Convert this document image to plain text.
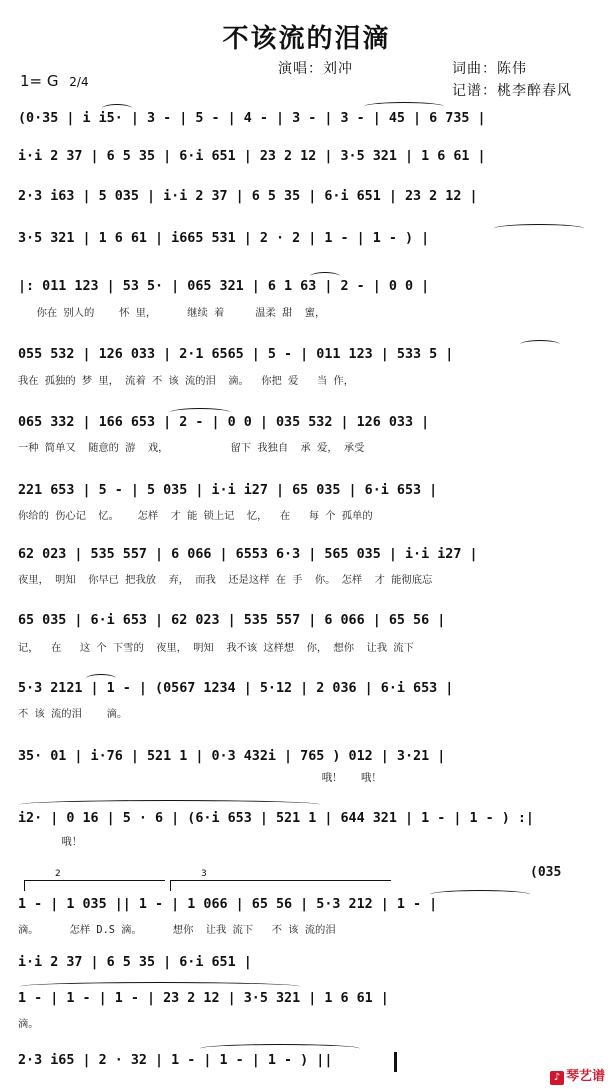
不该流的泪滴
1= G 2/4
演唱：刘冲	词曲：陈伟
记谱：桃李醉春风
(0·35 | i i5· | 3 - | 5 - | 4 - | 3 - | 3 - | 45 | 6 735 |
i·i 2 37 | 6 5 35 | 6·i 651 | 23 2 12 | 3·5 321 | 1 6 61 |
2·3 i63 | 5 035 | i·i 2 37 | 6 5 35 | 6·i 651 | 23 2 12 |
3·5 321 | 1 6 61 | i665 531 | 2 · 2 | 1 - | 1 - ) |
|: 011 123 | 53 5· | 065 321 | 6 1 63 | 2 - | 0 0 |
你在 别人的    怀 里，     继续 着     温柔 甜  蜜，
055 532 | 126 033 | 2·1 6565 | 5 - | 011 123 | 533 5 |
我在 孤独的 梦 里， 流着 不 该 流的泪  滴。  你把 爱   当 作，
065 332 | 166 653 | 2 - | 0 0 | 035 532 | 126 033 |
一种 简单又  随意的 游  戏，          留下 我独自  承 爱， 承受
221 653 | 5 - | 5 035 | i·i i27 | 65 035 | 6·i 653 |
你给的 伤心记  忆。   怎样  才 能 锁上记  忆，  在   每 个 孤单的
62 023 | 535 557 | 6 066 | 6553 6·3 | 565 035 | i·i i27 |
夜里， 明知  你早已 把我放  弃， 而我  还是这样 在 手  你。 怎样  才 能彻底忘
65 035 | 6·i 653 | 62 023 | 535 557 | 6 066 | 65 56 |
记，  在   这 个 下雪的  夜里， 明知  我不该 这样想  你， 想你  让我 流下
5·3 2121 | 1 - | (0567 1234 | 5·12 | 2 036 | 6·i 653 |
不 该 流的泪    滴。
35· 01 | i·76 | 521 1 | 0·3 432i | 765 ) 012 | 3·21 |
哦！   哦！
i2· | 0 16 | 5 · 6 | (6·i 653 | 521 1 | 644 321 | 1 - | 1 - ) :|
哦！
(035
2	3
1 - | 1 035 || 1 - | 1 066 | 65 56 | 5·3 212 | 1 - |
滴。     怎样 D.S 滴。     想你  让我 流下   不 该 流的泪
i·i 2 37 | 6 5 35 | 6·i 651 |
1 - | 1 - | 1 - | 23 2 12 | 3·5 321 | 1 6 61 |
滴。
2·3 i65 | 2 · 32 | 1 - | 1 - | 1 - ) ||
♪ 琴艺谱
